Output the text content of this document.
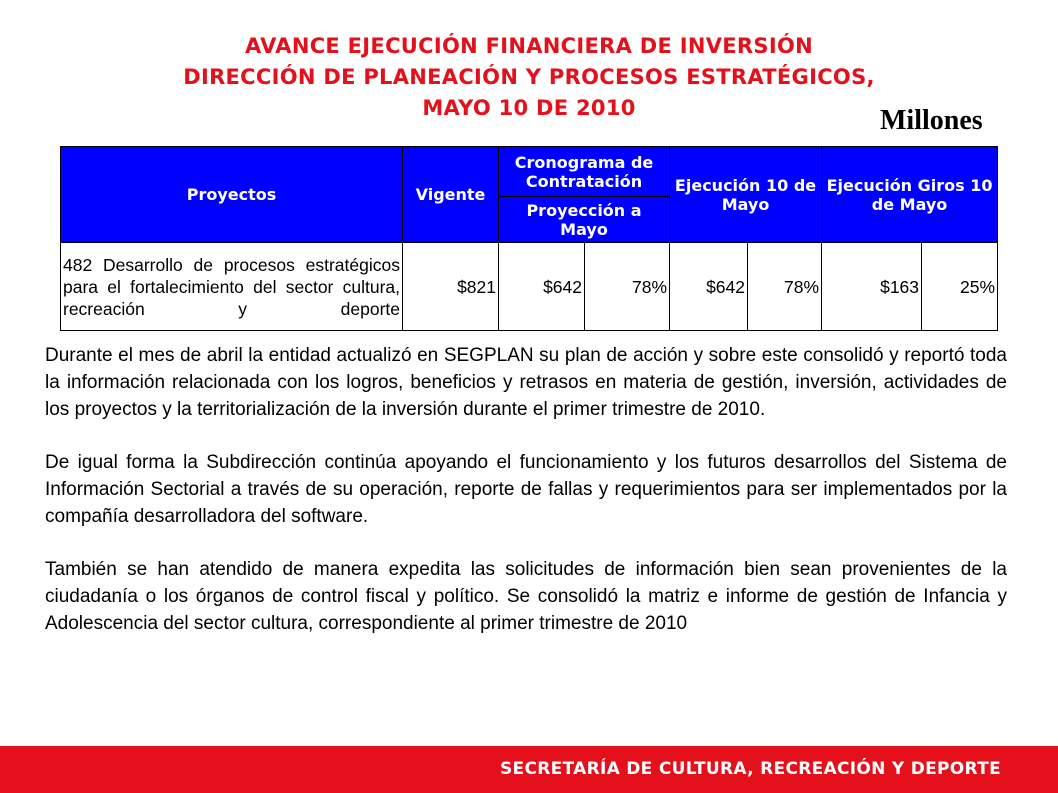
AVANCE EJECUCIÓN FINANCIERA DE INVERSIÓN
DIRECCIÓN DE PLANEACIÓN Y PROCESOS ESTRATÉGICOS,
MAYO 10 DE 2010	Millones
Proyectos	Vigente	Cronograma de Contratación		Ejecución 10 de Mayo		Ejecución Giros 10 de Mayo	
		Proyección a Mayo					
482 Desarrollo de procesos estratégicos para el fortalecimiento del sector cultura, recreación y deporte	$821	$642	78%	$642	78%	$163	25%

Durante el mes de abril la entidad actualizó en SEGPLAN su plan de acción y sobre este consolidó y reportó toda la información relacionada con los logros, beneficios y retrasos en materia de gestión, inversión, actividades de los proyectos y la territorialización de la inversión durante el primer trimestre de 2010.

De igual forma la Subdirección continúa apoyando el funcionamiento y los futuros desarrollos del Sistema de Información Sectorial a través de su operación, reporte de fallas y requerimientos para ser implementados por la compañía desarrolladora del software.

También se han atendido de manera expedita las solicitudes de información bien sean provenientes de la ciudadanía o los órganos de control fiscal y político. Se consolidó la matriz e informe de gestión de Infancia y Adolescencia del sector cultura, correspondiente al primer trimestre de 2010

SECRETARÍA DE CULTURA, RECREACIÓN Y DEPORTE
